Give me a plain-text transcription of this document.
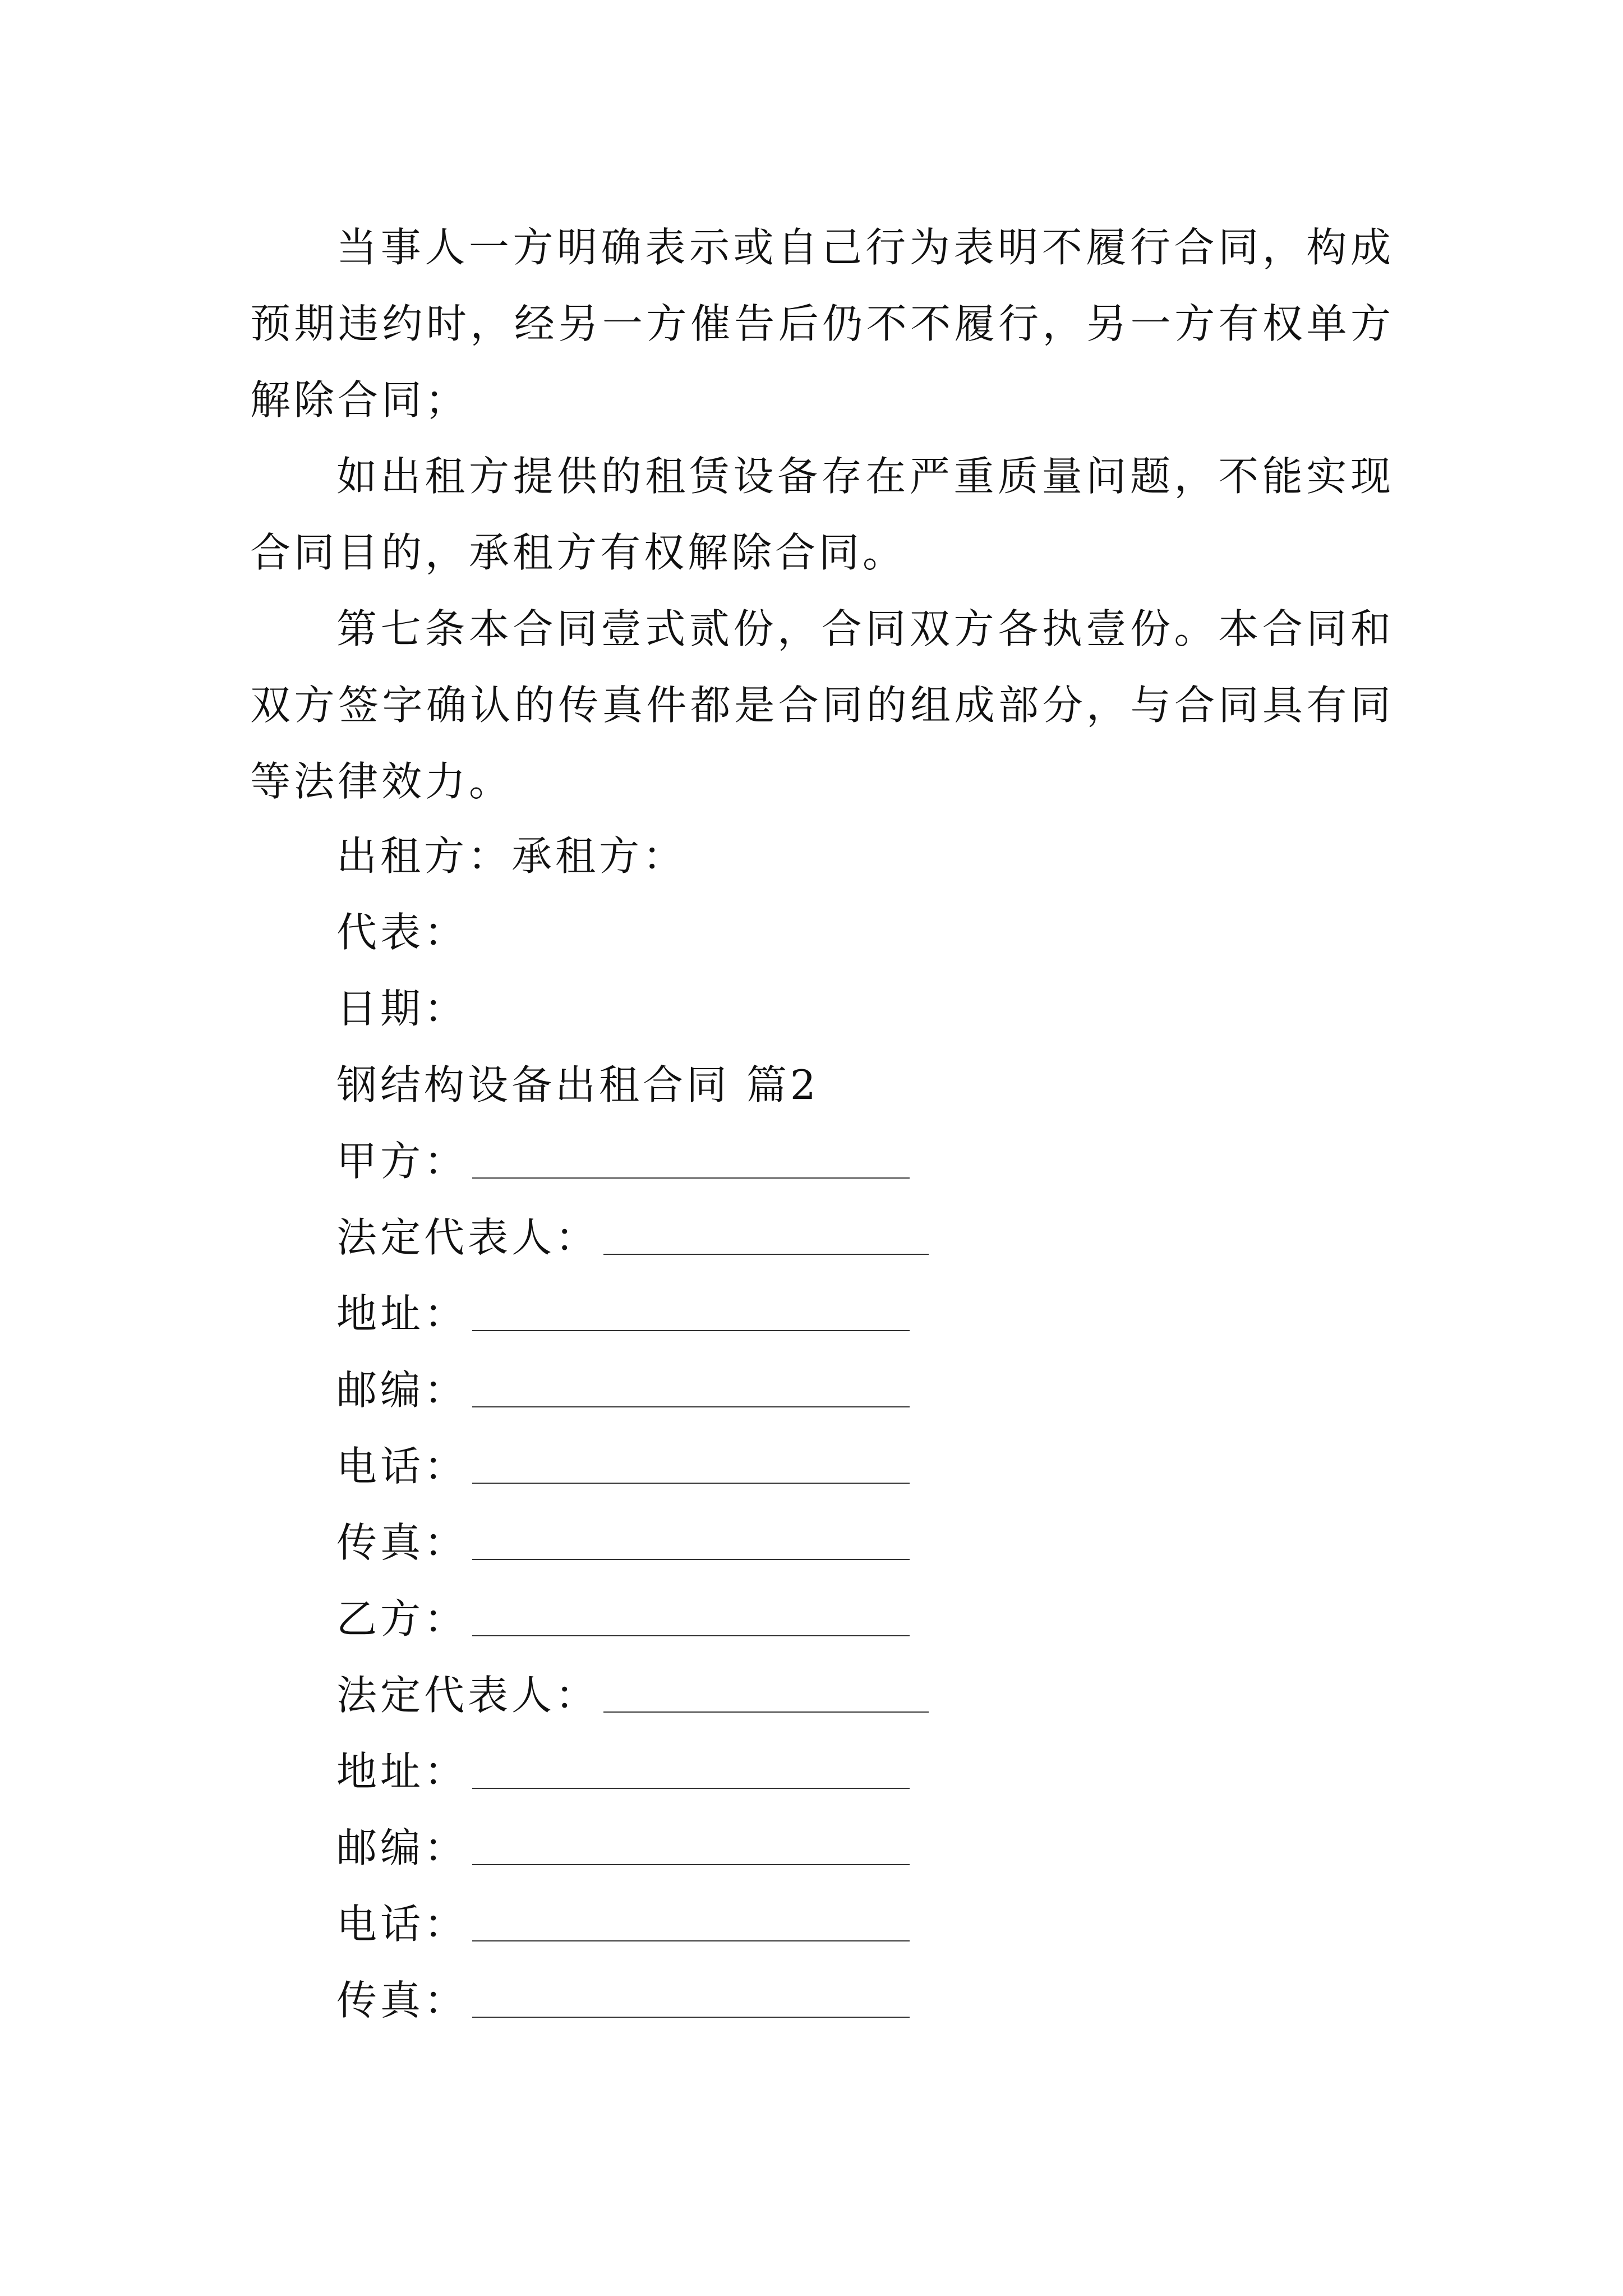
当事人一方明确表示或自己行为表明不履行合同，构成预期违约时，经另一方催告后仍不不履行，另一方有权单方解除合同；

如出租方提供的租赁设备存在严重质量问题，不能实现合同目的，承租方有权解除合同。

第七条本合同壹式贰份，合同双方各执壹份。本合同和双方签字确认的传真件都是合同的组成部分，与合同具有同等法律效力。

出租方：承租方：
代表：
日期：
钢结构设备出租合同 篇2
甲方：
法定代表人：
地址：
邮编：
电话：
传真：
乙方：
法定代表人：
地址：
邮编：
电话：
传真：
